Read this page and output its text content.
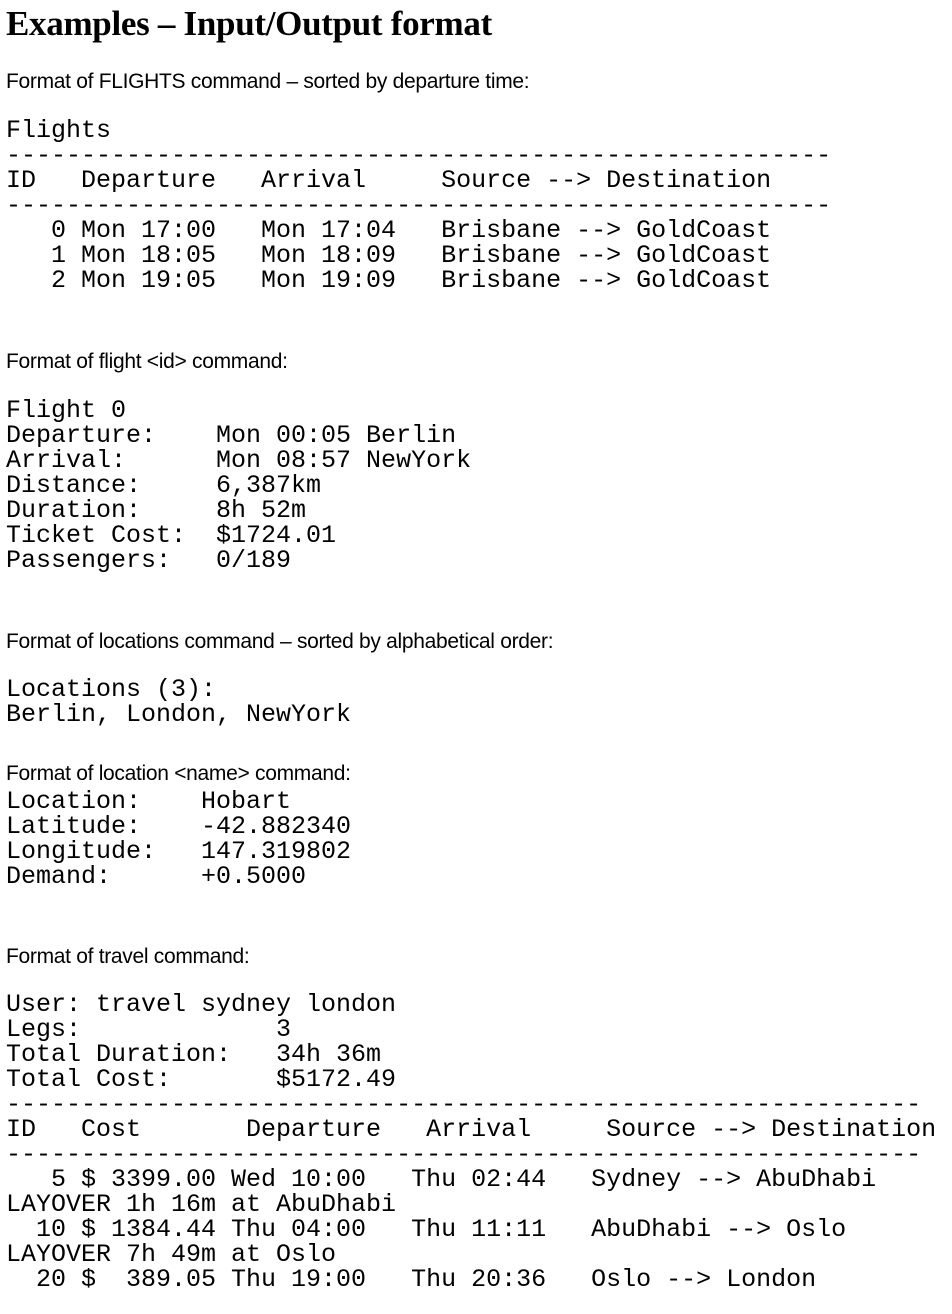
Examples – Input/Output format

Format of FLIGHTS command – sorted by departure time:

Flights
-------------------------------------------------------
ID   Departure   Arrival     Source --> Destination
-------------------------------------------------------
0 Mon 17:00   Mon 17:04   Brisbane --> GoldCoast
1 Mon 18:05   Mon 18:09   Brisbane --> GoldCoast
2 Mon 19:05   Mon 19:09   Brisbane --> GoldCoast

Format of flight <id> command:

Flight 0
Departure:    Mon 00:05 Berlin
Arrival:      Mon 08:57 NewYork
Distance:     6,387km
Duration:     8h 52m
Ticket Cost:  $1724.01
Passengers:   0/189

Format of locations command – sorted by alphabetical order:

Locations (3):
Berlin, London, NewYork

Format of location <name> command:

Location:    Hobart
Latitude:    -42.882340
Longitude:   147.319802
Demand:      +0.5000

Format of travel command:

User: travel sydney london
Legs:             3
Total Duration:   34h 36m
Total Cost:       $5172.49
-------------------------------------------------------------
ID   Cost       Departure   Arrival     Source --> Destination
-------------------------------------------------------------
5 $ 3399.00 Wed 10:00   Thu 02:44   Sydney --> AbuDhabi
LAYOVER 1h 16m at AbuDhabi
10 $ 1384.44 Thu 04:00   Thu 11:11   AbuDhabi --> Oslo
LAYOVER 7h 49m at Oslo
20 $  389.05 Thu 19:00   Thu 20:36   Oslo --> London
